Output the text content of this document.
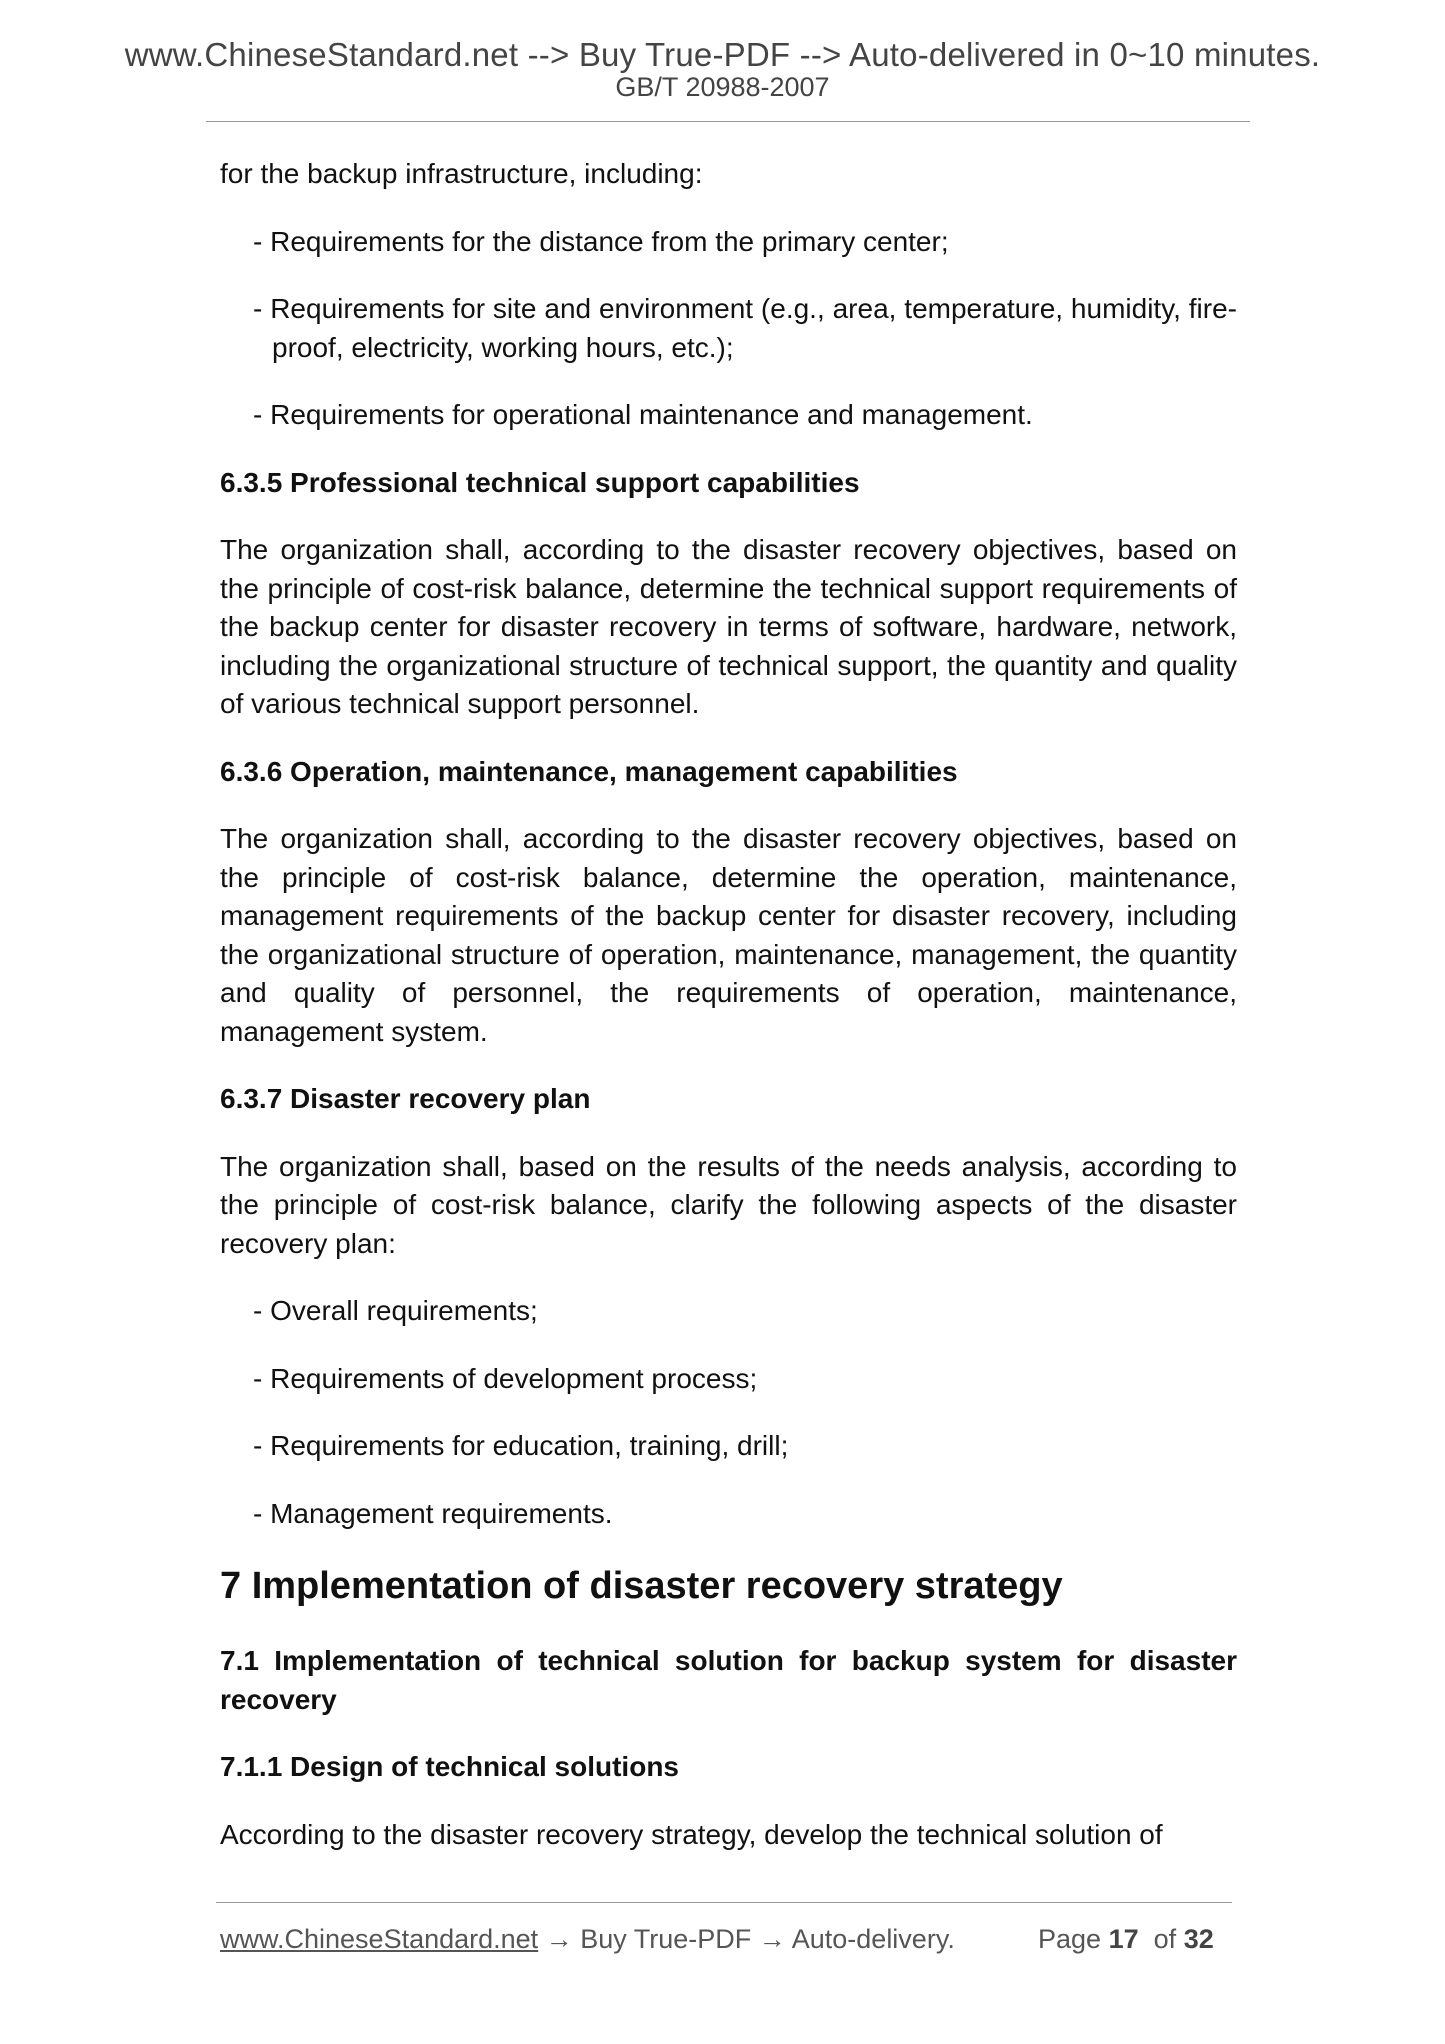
www.ChineseStandard.net --> Buy True-PDF --> Auto-delivered in 0~10 minutes.
GB/T 20988-2007

for the backup infrastructure, including:

- Requirements for the distance from the primary center;

- Requirements for site and environment (e.g., area, temperature, humidity, fire-proof, electricity, working hours, etc.);

- Requirements for operational maintenance and management.

6.3.5 Professional technical support capabilities

The organization shall, according to the disaster recovery objectives, based on the principle of cost-risk balance, determine the technical support requirements of the backup center for disaster recovery in terms of software, hardware, network, including the organizational structure of technical support, the quantity and quality of various technical support personnel.

6.3.6 Operation, maintenance, management capabilities

The organization shall, according to the disaster recovery objectives, based on the principle of cost-risk balance, determine the operation, maintenance, management requirements of the backup center for disaster recovery, including the organizational structure of operation, maintenance, management, the quantity and quality of personnel, the requirements of operation, maintenance, management system.

6.3.7 Disaster recovery plan

The organization shall, based on the results of the needs analysis, according to the principle of cost-risk balance, clarify the following aspects of the disaster recovery plan:

- Overall requirements;

- Requirements of development process;

- Requirements for education, training, drill;

- Management requirements.

7 Implementation of disaster recovery strategy

7.1 Implementation of technical solution for backup system for disaster recovery

7.1.1 Design of technical solutions

According to the disaster recovery strategy, develop the technical solution of

www.ChineseStandard.net → Buy True-PDF → Auto-delivery.	Page 17 of 32
